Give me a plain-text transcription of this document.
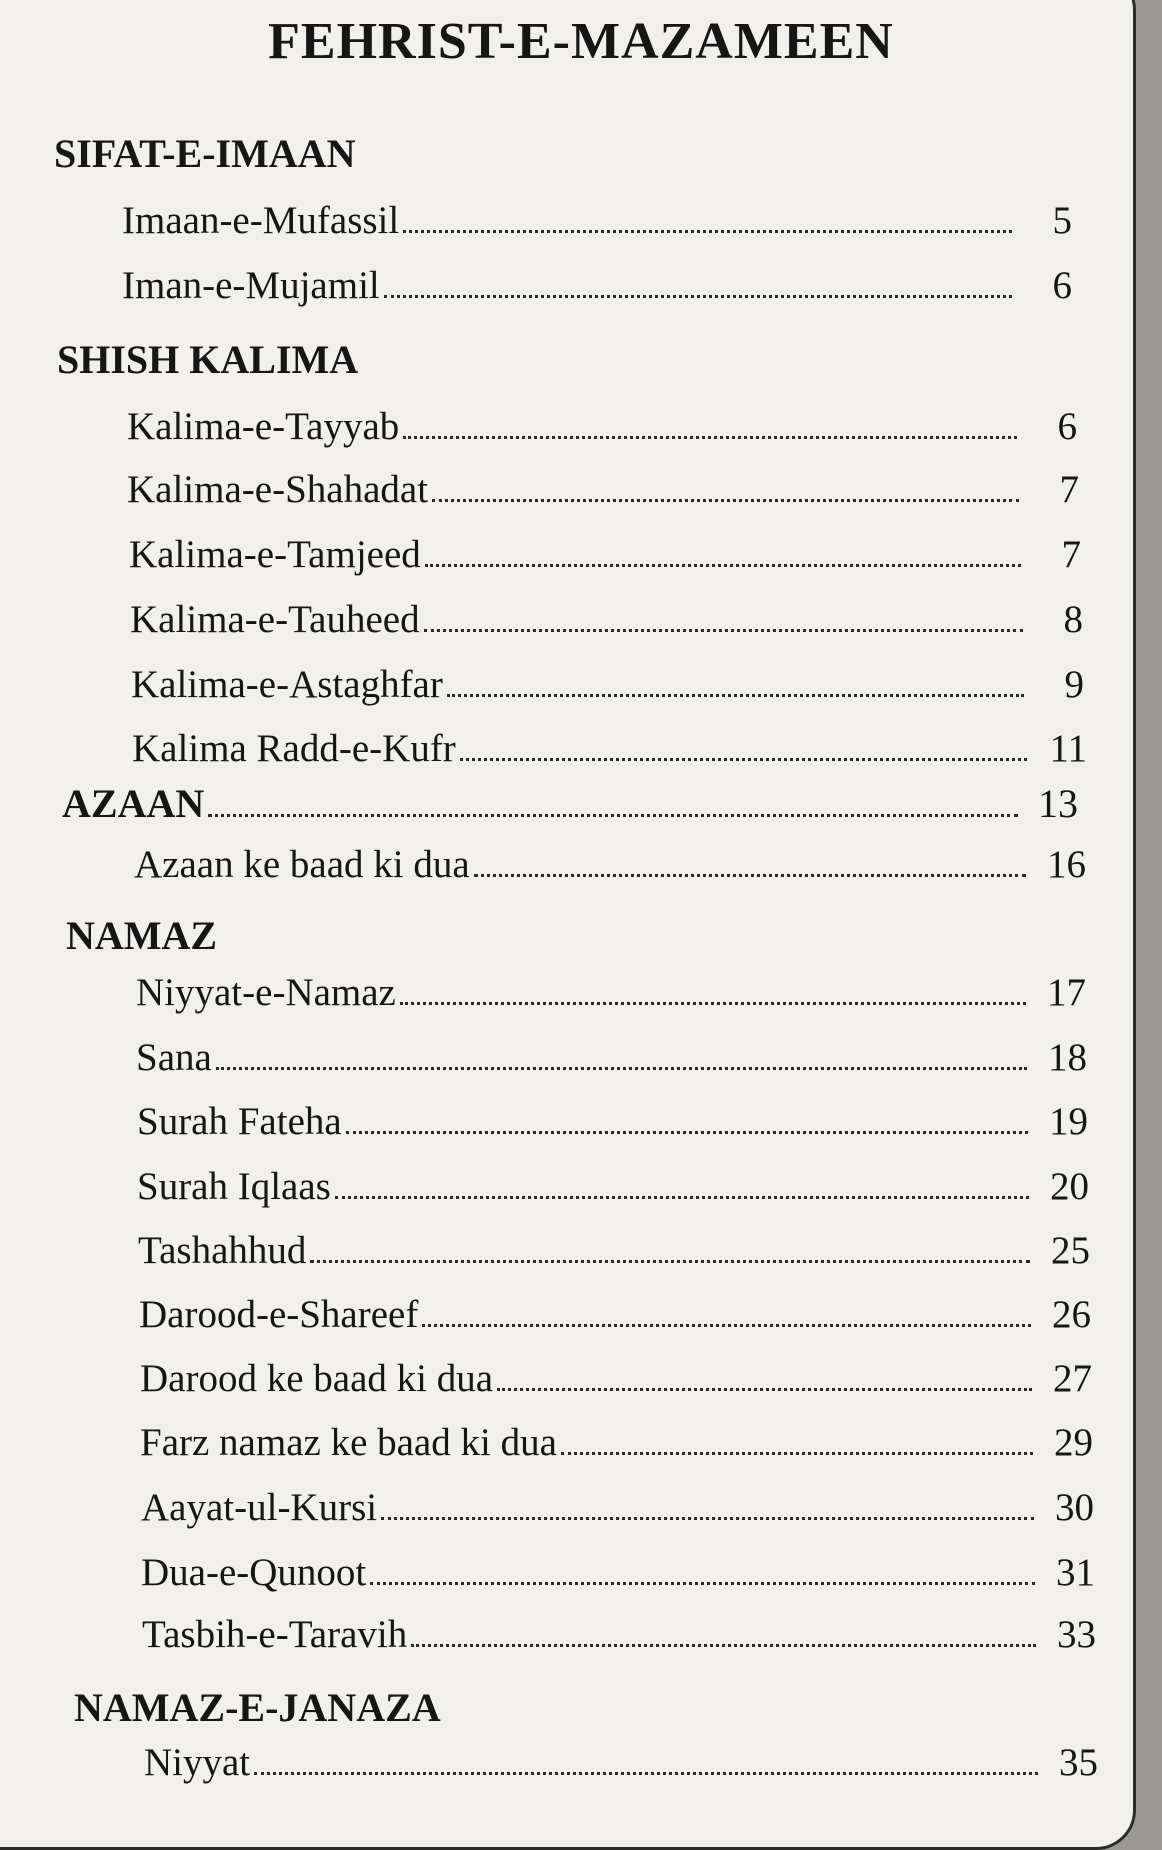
FEHRIST-E-MAZAMEEN
SIFAT-E-IMAAN
Imaan-e-Mufassil	5
Iman-e-Mujamil	6
SHISH KALIMA
Kalima-e-Tayyab	6
Kalima-e-Shahadat	7
Kalima-e-Tamjeed	7
Kalima-e-Tauheed	8
Kalima-e-Astaghfar	9
Kalima Radd-e-Kufr	11
AZAAN	13
Azaan ke baad ki dua	16
NAMAZ
Niyyat-e-Namaz	17
Sana	18
Surah Fateha	19
Surah Iqlaas	20
Tashahhud	25
Darood-e-Shareef	26
Darood ke baad ki dua	27
Farz namaz ke baad ki dua	29
Aayat-ul-Kursi	30
Dua-e-Qunoot	31
Tasbih-e-Taravih	33
NAMAZ-E-JANAZA
Niyyat	35
